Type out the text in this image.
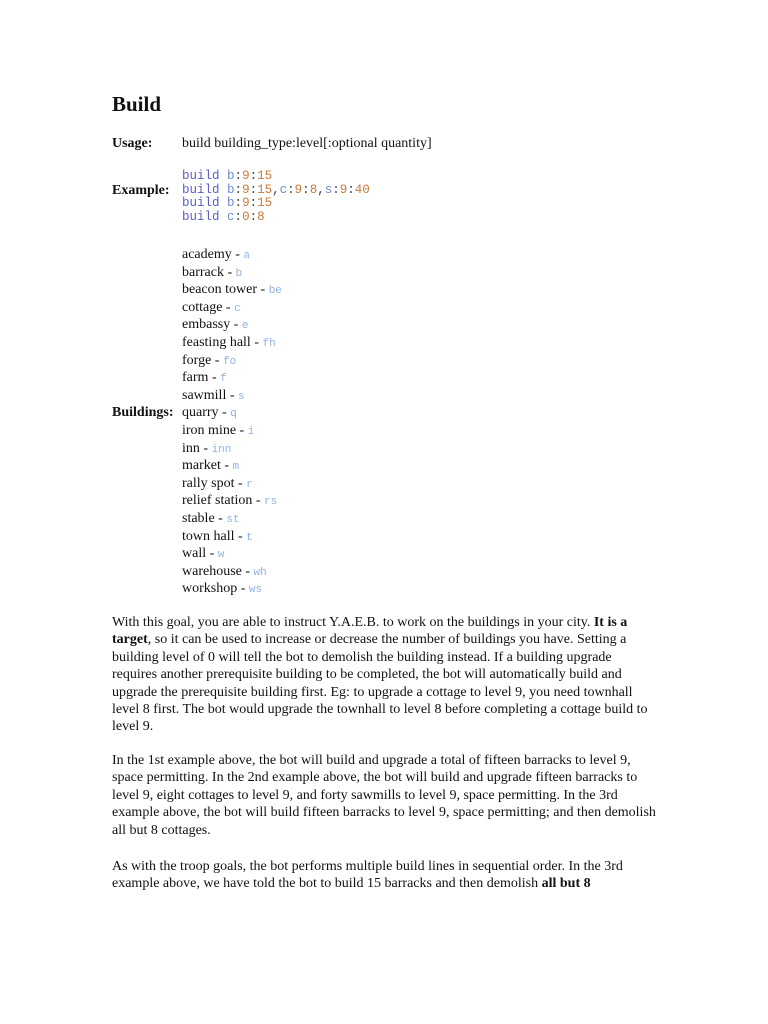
Build
Usage: build building_type:level[:optional quantity]
Example:
build b:9:15
build b:9:15,c:9:8,s:9:40
build b:9:15
build c:0:8
Buildings:
academy - a
barrack - b
beacon tower - be
cottage - c
embassy - e
feasting hall - fh
forge - fo
farm - f
sawmill - s
quarry - q
iron mine - i
inn - inn
market - m
rally spot - r
relief station - rs
stable - st
town hall - t
wall - w
warehouse - wh
workshop - ws

With this goal, you are able to instruct Y.A.E.B. to work on the buildings in your city. It is a target, so it can be used to increase or decrease the number of buildings you have. Setting a building level of 0 will tell the bot to demolish the building instead. If a building upgrade requires another prerequisite building to be completed, the bot will automatically build and upgrade the prerequisite building first. Eg: to upgrade a cottage to level 9, you need townhall level 8 first. The bot would upgrade the townhall to level 8 before completing a cottage build to level 9.

In the 1st example above, the bot will build and upgrade a total of fifteen barracks to level 9, space permitting. In the 2nd example above, the bot will build and upgrade fifteen barracks to level 9, eight cottages to level 9, and forty sawmills to level 9, space permitting. In the 3rd example above, the bot will build fifteen barracks to level 9, space permitting; and then demolish all but 8 cottages.

As with the troop goals, the bot performs multiple build lines in sequential order. In the 3rd example above, we have told the bot to build 15 barracks and then demolish all but 8
